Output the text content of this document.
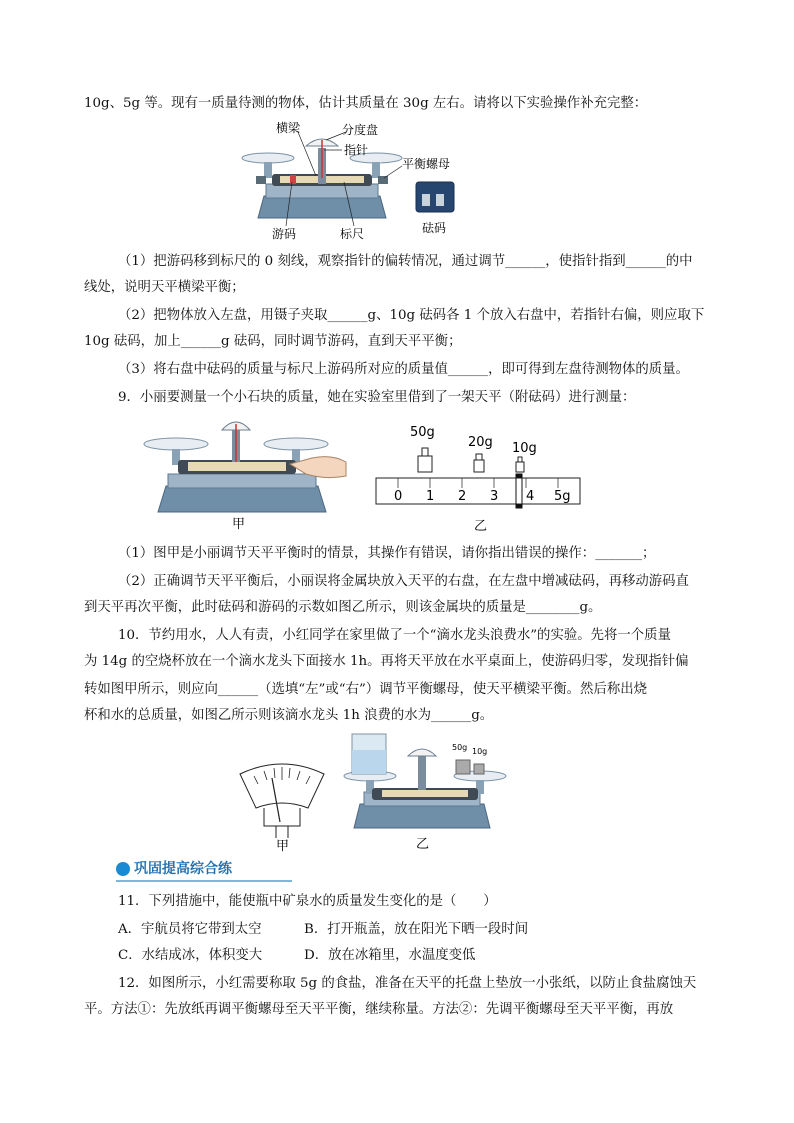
10g、5g 等。现有一质量待测的物体，估计其质量在 30g 左右。请将以下实验操作补充完整：
横梁	分度盘
指针
平衡螺母
游码	标尺	砝码
（1）把游码移到标尺的 0 刻线，观察指针的偏转情况，通过调节______，使指针指到______的中
线处，说明天平横梁平衡；
（2）把物体放入左盘，用镊子夹取______g、10g 砝码各 1 个放入右盘中，若指针右偏，则应取下
10g 砝码，加上______g 砝码，同时调节游码，直到天平平衡；
（3）将右盘中砝码的质量与标尺上游码所对应的质量值______，即可得到左盘待测物体的质量。
9．小丽要测量一个小石块的质量，她在实验室里借到了一架天平（附砝码）进行测量：
甲
50g
20g 10g
0 1 2 3 4 5g
乙
（1）图甲是小丽调节天平平衡时的情景，其操作有错误，请你指出错误的操作：_______；
（2）正确调节天平平衡后，小丽误将金属块放入天平的右盘，在左盘中增减砝码，再移动游码直
到天平再次平衡，此时砝码和游码的示数如图乙所示，则该金属块的质量是________g。
10．节约用水，人人有责，小红同学在家里做了一个“滴水龙头浪费水”的实验。先将一个质量
为 14g 的空烧杯放在一个滴水龙头下面接水 1h。再将天平放在水平桌面上，使游码归零，发现指针偏
转如图甲所示，则应向______（选填“左”或“右”）调节平衡螺母，使天平横梁平衡。然后称出烧
杯和水的总质量，如图乙所示则该滴水龙头 1h 浪费的水为______g。
甲
50g 10g
乙
巩固提高综合练
11．下列措施中，能使瓶中矿泉水的质量发生变化的是（　　）
A．宇航员将它带到太空	B．打开瓶盖，放在阳光下晒一段时间
C．水结成冰，体积变大	D．放在冰箱里，水温度变低
12．如图所示，小红需要称取 5g 的食盐，准备在天平的托盘上垫放一小张纸，以防止食盐腐蚀天
平。方法①：先放纸再调平衡螺母至天平平衡，继续称量。方法②：先调平衡螺母至天平平衡，再放
